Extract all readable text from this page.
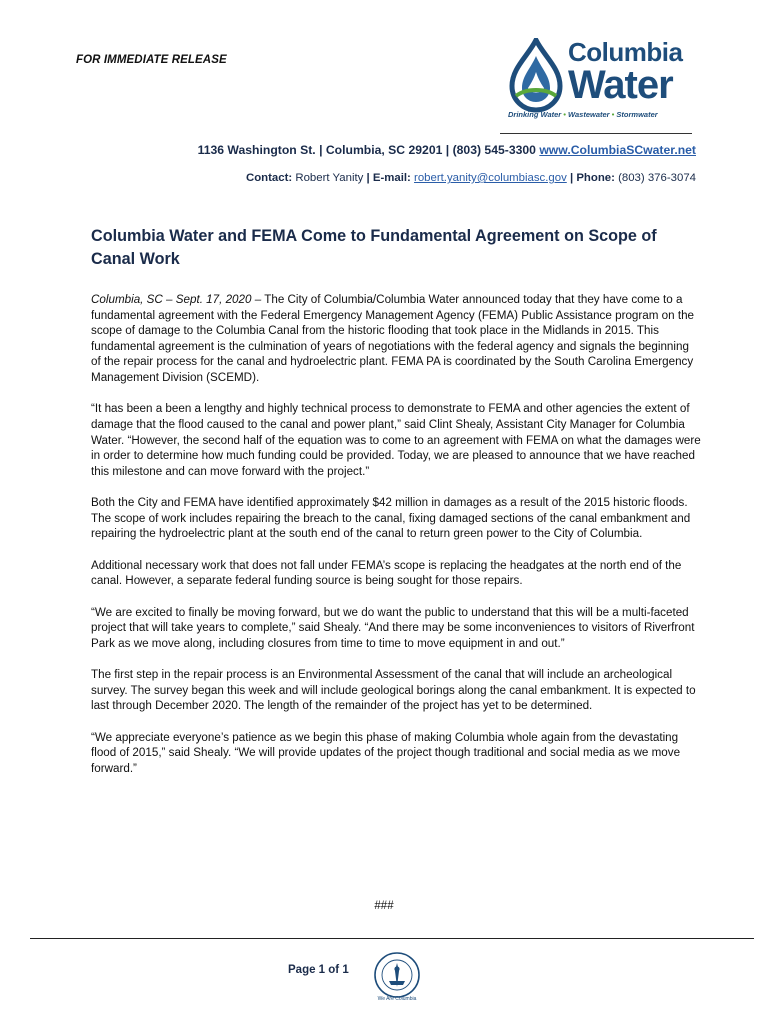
FOR IMMEDIATE RELEASE	Columbia
Water
Drinking Water • Wastewater • Stormwater
1136 Washington St. | Columbia, SC 29201 | (803) 545-3300 www.ColumbiaSCwater.net
Contact: Robert Yanity | E-mail: robert.yanity@columbiasc.gov | Phone: (803) 376-3074
Columbia Water and FEMA Come to Fundamental Agreement on Scope of Canal Work

Columbia, SC – Sept. 17, 2020 – The City of Columbia/Columbia Water announced today that they have come to a fundamental agreement with the Federal Emergency Management Agency (FEMA) Public Assistance program on the scope of damage to the Columbia Canal from the historic flooding that took place in the Midlands in 2015. This fundamental agreement is the culmination of years of negotiations with the federal agency and signals the beginning of the repair process for the canal and hydroelectric plant. FEMA PA is coordinated by the South Carolina Emergency Management Division (SCEMD).

“It has been a been a lengthy and highly technical process to demonstrate to FEMA and other agencies the extent of damage that the flood caused to the canal and power plant,” said Clint Shealy, Assistant City Manager for Columbia Water. “However, the second half of the equation was to come to an agreement with FEMA on what the damages were in order to determine how much funding could be provided. Today, we are pleased to announce that we have reached this milestone and can move forward with the project.”

Both the City and FEMA have identified approximately $42 million in damages as a result of the 2015 historic floods. The scope of work includes repairing the breach to the canal, fixing damaged sections of the canal embankment and repairing the hydroelectric plant at the south end of the canal to return green power to the City of Columbia.

Additional necessary work that does not fall under FEMA’s scope is replacing the headgates at the north end of the canal. However, a separate federal funding source is being sought for those repairs.

“We are excited to finally be moving forward, but we do want the public to understand that this will be a multi-faceted project that will take years to complete,” said Shealy. “And there may be some inconveniences to visitors of Riverfront Park as we move along, including closures from time to time to move equipment in and out.”

The first step in the repair process is an Environmental Assessment of the canal that will include an archeological survey. The survey began this week and will include geological borings along the canal embankment. It is expected to last through December 2020. The length of the remainder of the project has yet to be determined.

“We appreciate everyone’s patience as we begin this phase of making Columbia whole again from the devastating flood of 2015,” said Shealy. “We will provide updates of the project though traditional and social media as we move forward.”

###
Page 1 of 1
We Are Columbia
